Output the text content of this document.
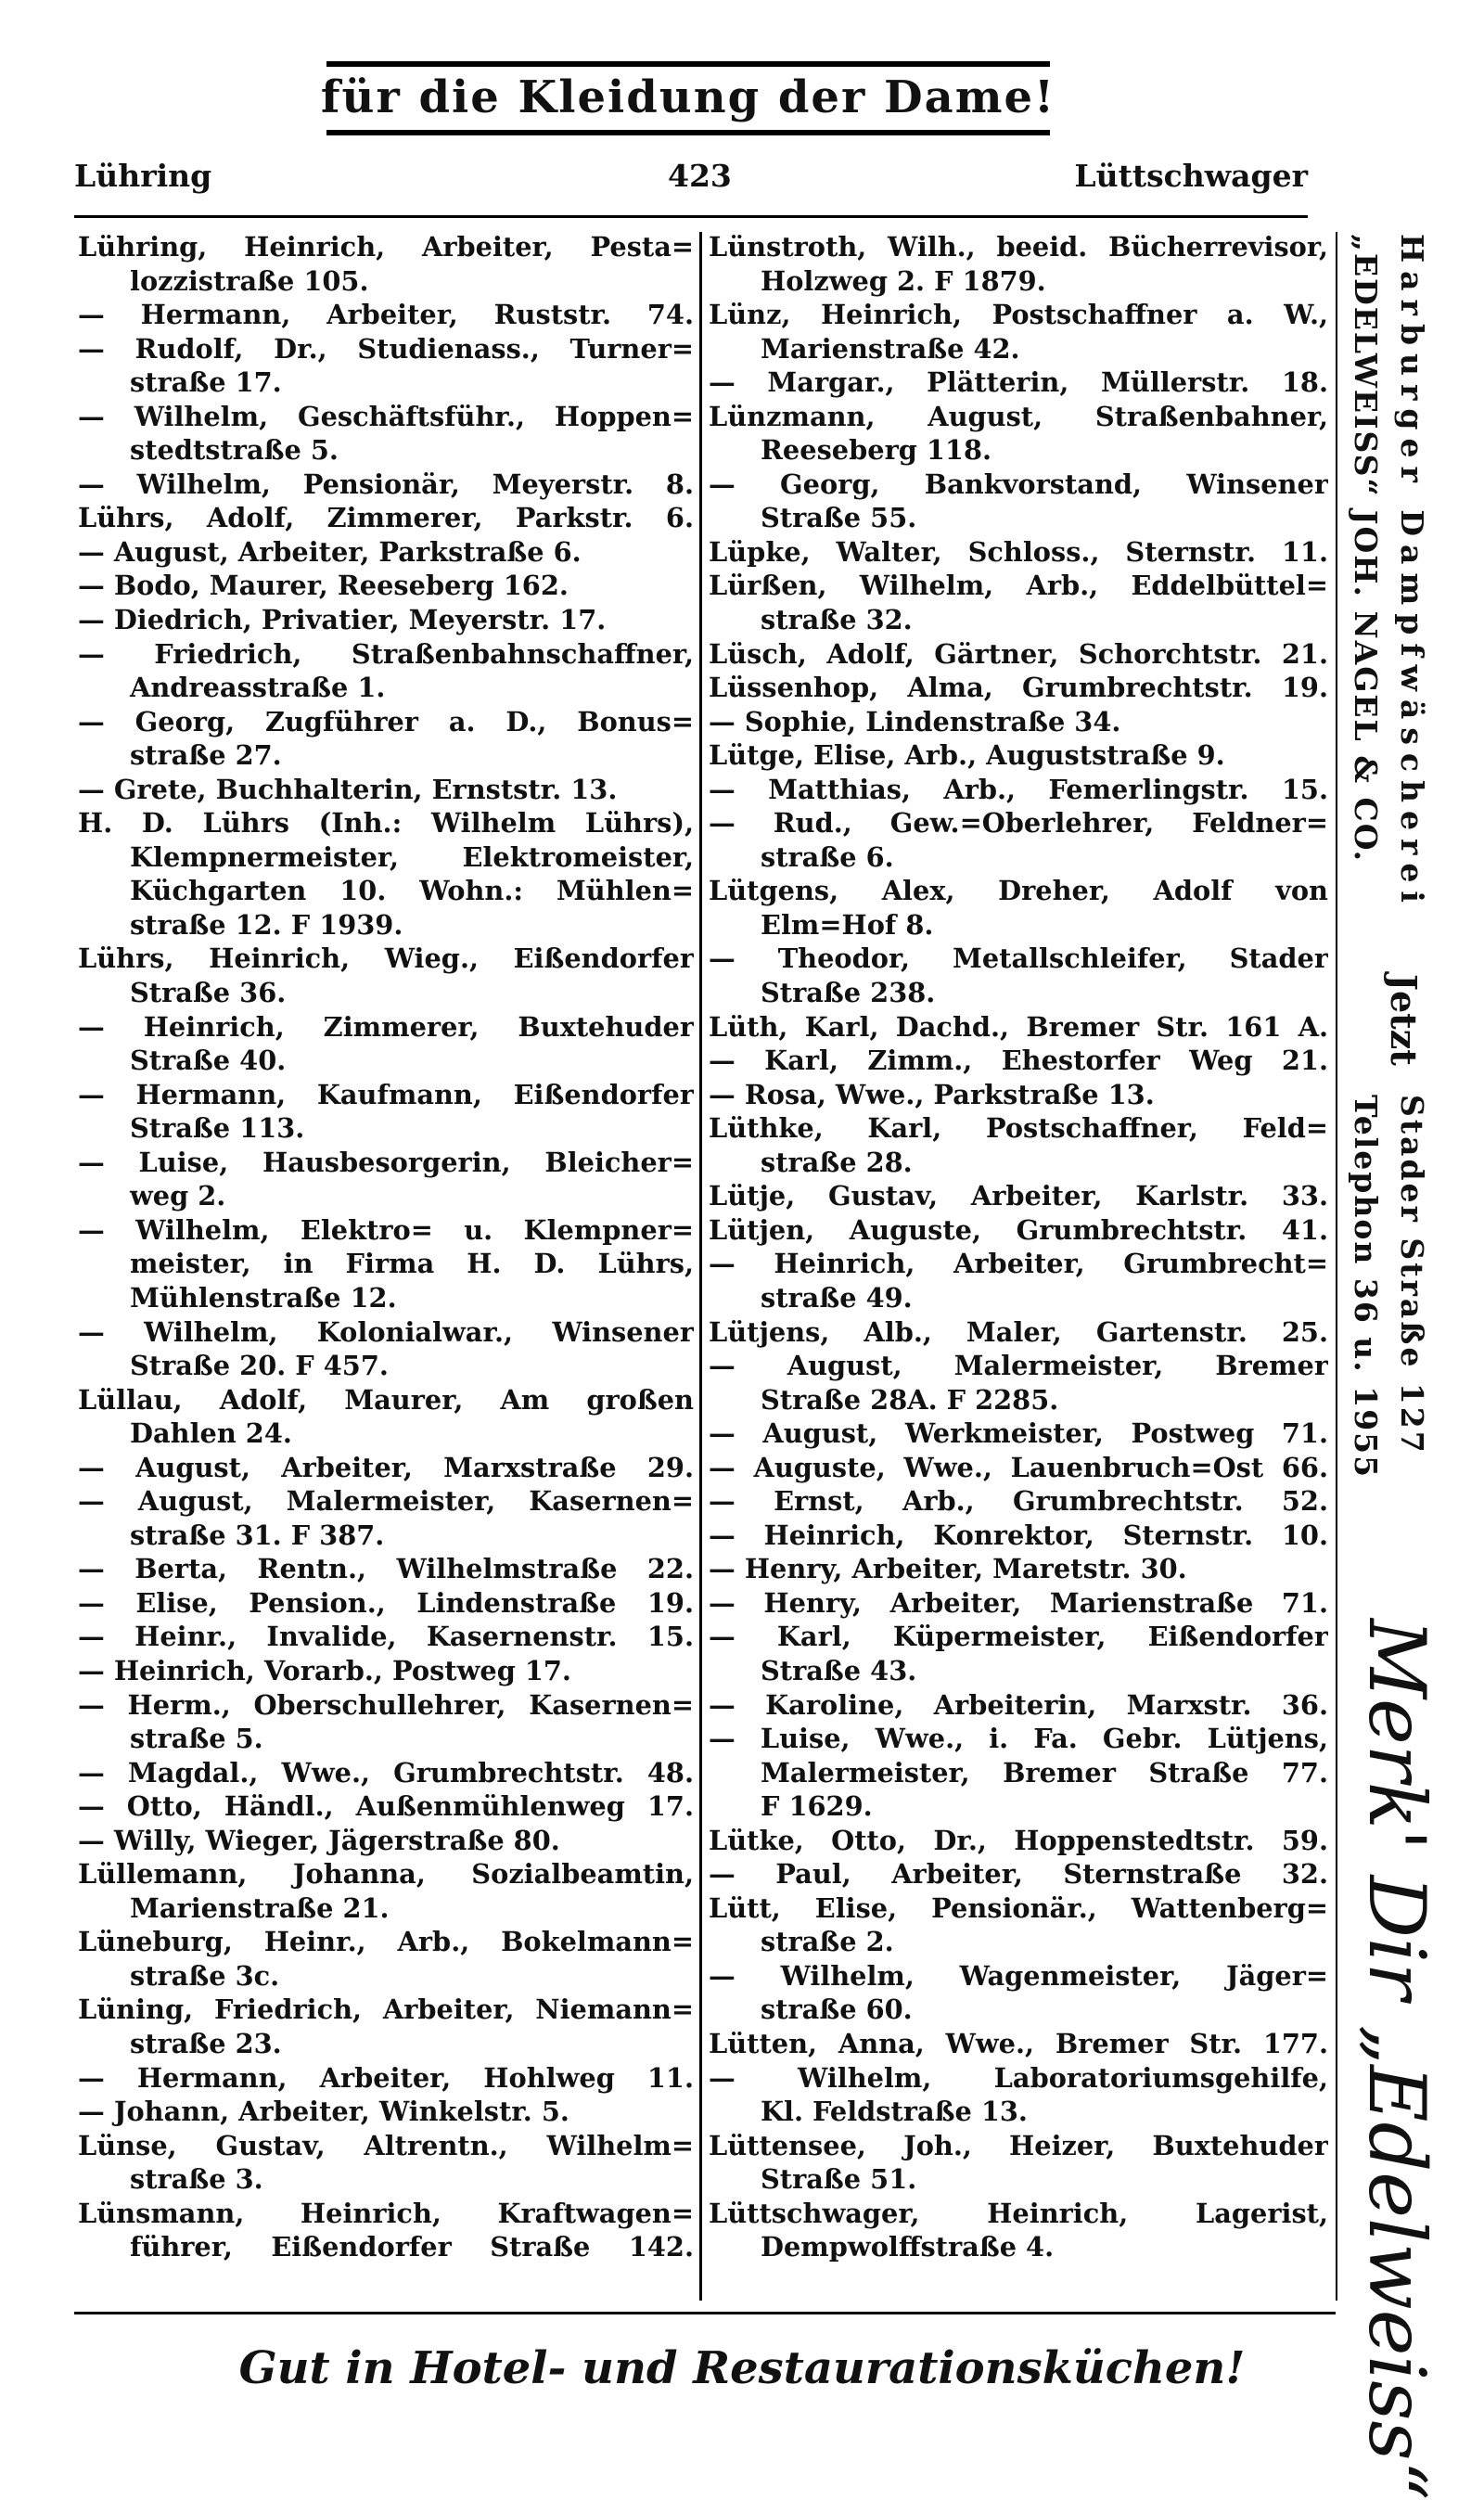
für die Kleidung der Dame!
Lühring	423	Lüttschwager
Lühring, Heinrich, Arbeiter, Pesta=
lozzistraße 105.
— Hermann, Arbeiter, Ruststr. 74.
— Rudolf, Dr., Studienass., Turner=
straße 17.
— Wilhelm, Geschäftsführ., Hoppen=
stedtstraße 5.
— Wilhelm, Pensionär, Meyerstr. 8.
Lührs, Adolf, Zimmerer, Parkstr. 6.
— August, Arbeiter, Parkstraße 6.
— Bodo, Maurer, Reeseberg 162.
— Diedrich, Privatier, Meyerstr. 17.
— Friedrich, Straßenbahnschaffner,
Andreasstraße 1.
— Georg, Zugführer a. D., Bonus=
straße 27.
— Grete, Buchhalterin, Ernststr. 13.
H. D. Lührs (Inh.: Wilhelm Lührs),
Klempnermeister, Elektromeister,
Küchgarten 10. Wohn.: Mühlen=
straße 12. F 1939.
Lührs, Heinrich, Wieg., Eißendorfer
Straße 36.
— Heinrich, Zimmerer, Buxtehuder
Straße 40.
— Hermann, Kaufmann, Eißendorfer
Straße 113.
— Luise, Hausbesorgerin, Bleicher=
weg 2.
— Wilhelm, Elektro= u. Klempner=
meister, in Firma H. D. Lührs,
Mühlenstraße 12.
— Wilhelm, Kolonialwar., Winsener
Straße 20. F 457.
Lüllau, Adolf, Maurer, Am großen
Dahlen 24.
— August, Arbeiter, Marxstraße 29.
— August, Malermeister, Kasernen=
straße 31. F 387.
— Berta, Rentn., Wilhelmstraße 22.
— Elise, Pension., Lindenstraße 19.
— Heinr., Invalide, Kasernenstr. 15.
— Heinrich, Vorarb., Postweg 17.
— Herm., Oberschullehrer, Kasernen=
straße 5.
— Magdal., Wwe., Grumbrechtstr. 48.
— Otto, Händl., Außenmühlenweg 17.
— Willy, Wieger, Jägerstraße 80.
Lüllemann, Johanna, Sozialbeamtin,
Marienstraße 21.
Lüneburg, Heinr., Arb., Bokelmann=
straße 3c.
Lüning, Friedrich, Arbeiter, Niemann=
straße 23.
— Hermann, Arbeiter, Hohlweg 11.
— Johann, Arbeiter, Winkelstr. 5.
Lünse, Gustav, Altrentn., Wilhelm=
straße 3.
Lünsmann, Heinrich, Kraftwagen=
führer, Eißendorfer Straße 142.
Lünstroth, Wilh., beeid. Bücherrevisor,
Holzweg 2. F 1879.
Lünz, Heinrich, Postschaffner a. W.,
Marienstraße 42.
— Margar., Plätterin, Müllerstr. 18.
Lünzmann, August, Straßenbahner,
Reeseberg 118.
— Georg, Bankvorstand, Winsener
Straße 55.
Lüpke, Walter, Schloss., Sternstr. 11.
Lürßen, Wilhelm, Arb., Eddelbüttel=
straße 32.
Lüsch, Adolf, Gärtner, Schorchtstr. 21.
Lüssenhop, Alma, Grumbrechtstr. 19.
— Sophie, Lindenstraße 34.
Lütge, Elise, Arb., Auguststraße 9.
— Matthias, Arb., Femerlingstr. 15.
— Rud., Gew.=Oberlehrer, Feldner=
straße 6.
Lütgens, Alex, Dreher, Adolf von
Elm=Hof 8.
— Theodor, Metallschleifer, Stader
Straße 238.
Lüth, Karl, Dachd., Bremer Str. 161 A.
— Karl, Zimm., Ehestorfer Weg 21.
— Rosa, Wwe., Parkstraße 13.
Lüthke, Karl, Postschaffner, Feld=
straße 28.
Lütje, Gustav, Arbeiter, Karlstr. 33.
Lütjen, Auguste, Grumbrechtstr. 41.
— Heinrich, Arbeiter, Grumbrecht=
straße 49.
Lütjens, Alb., Maler, Gartenstr. 25.
— August, Malermeister, Bremer
Straße 28A. F 2285.
— August, Werkmeister, Postweg 71.
— Auguste, Wwe., Lauenbruch=Ost 66.
— Ernst, Arb., Grumbrechtstr. 52.
— Heinrich, Konrektor, Sternstr. 10.
— Henry, Arbeiter, Maretstr. 30.
— Henry, Arbeiter, Marienstraße 71.
— Karl, Küpermeister, Eißendorfer
Straße 43.
— Karoline, Arbeiterin, Marxstr. 36.
— Luise, Wwe., i. Fa. Gebr. Lütjens,
Malermeister, Bremer Straße 77.
F 1629.
Lütke, Otto, Dr., Hoppenstedtstr. 59.
— Paul, Arbeiter, Sternstraße 32.
Lütt, Elise, Pensionär., Wattenberg=
straße 2.
— Wilhelm, Wagenmeister, Jäger=
straße 60.
Lütten, Anna, Wwe., Bremer Str. 177.
— Wilhelm, Laboratoriumsgehilfe,
Kl. Feldstraße 13.
Lüttensee, Joh., Heizer, Buxtehuder
Straße 51.
Lüttschwager, Heinrich, Lagerist,
Dempwolffstraße 4.
Harburger Dampfwäscherei
„EDELWEISS“ JOH. NAGEL & CO.
Jetzt
Stader Straße 127
Telephon 36 u. 1955
Merk' Dir „Edelweiss“
Gut in Hotel- und Restaurationsküchen!
